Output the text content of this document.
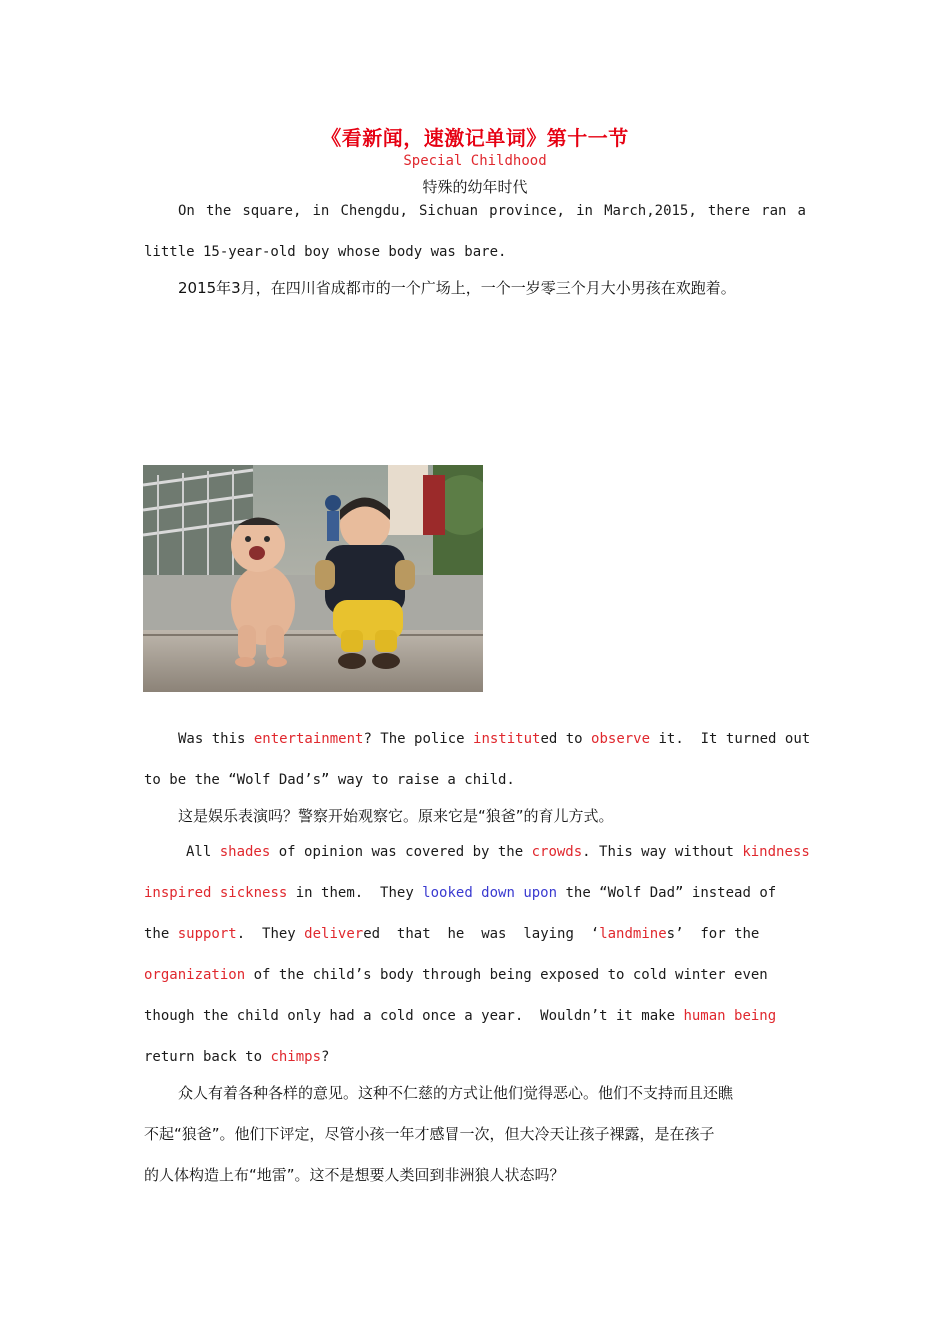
《看新闻，速激记单词》第十一节
Special Childhood
特殊的幼年时代
On the square, in Chengdu, Sichuan province, in March,2015, there ran a
little 15-year-old boy whose body was bare.
2015年3月，在四川省成都市的一个广场上，一个一岁零三个月大小男孩在欢跑着。
Was this entertainment? The police instituted to observe it.  It turned out
to be the “Wolf Dad’s” way to raise a child.
这是娱乐表演吗？警察开始观察它。原来它是“狼爸”的育儿方式。
All shades of opinion was covered by the crowds. This way without kindness
inspired sickness in them.  They looked down upon the “Wolf Dad” instead of
the support.  They delivered  that  he  was  laying  ‘landmines’  for the
organization of the child’s body through being exposed to cold winter even
though the child only had a cold once a year.  Wouldn’t it make human being
return back to chimps?
众人有着各种各样的意见。这种不仁慈的方式让他们觉得恶心。他们不支持而且还瞧
不起“狼爸”。他们下评定，尽管小孩一年才感冒一次，但大冷天让孩子裸露，是在孩子
的人体构造上布“地雷”。这不是想要人类回到非洲狼人状态吗？
